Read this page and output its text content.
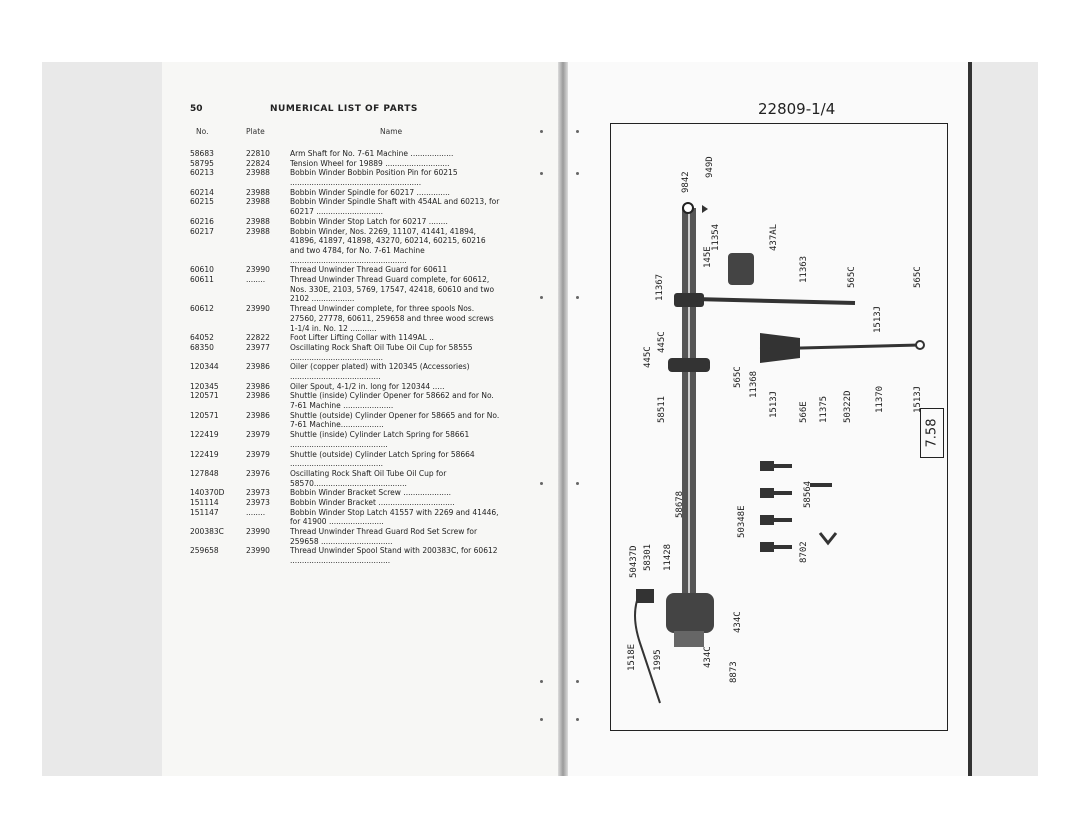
50	NUMERICAL LIST OF PARTS
No.	Plate	Name
58683	22810	Arm Shaft for No. 7-61 Machine ..................
58795	22824	Tension Wheel for 19889 ...........................
60213	23988	Bobbin Winder Bobbin Position Pin for 60215 .......................................................
60214	23988	Bobbin Winder Spindle for 60217 ..............
60215	23988	Bobbin Winder Spindle Shaft with 454AL and 60213, for 60217 ............................
60216	23988	Bobbin Winder Stop Latch for 60217 ........
60217	23988	Bobbin Winder, Nos. 2269, 11107, 41441, 41894, 41896, 41897, 41898, 43270, 60214, 60215, 60216 and two 4784, for No. 7-61 Machine .................................................
60610	23990	Thread Unwinder Thread Guard for 60611
60611	........	Thread Unwinder Thread Guard complete, for 60612, Nos. 330E, 2103, 5769, 17547, 42418, 60610 and two 2102 ..................
60612	23990	Thread Unwinder complete, for three spools Nos. 27560, 27778, 60611, 259658 and three wood screws 1-1/4 in. No. 12 ...........
64052	22822	Foot Lifter Lifting Collar with 1149AL ..
68350	23977	Oscillating Rock Shaft Oil Tube Oil Cup for 58555 .......................................
120344	23986	Oiler (copper plated) with 120345 (Accessories) ......................................
120345	23986	Oiler Spout, 4-1/2 in. long for 120344 .....
120571	23986	Shuttle (inside) Cylinder Opener for 58662 and for No. 7-61 Machine .....................
120571	23986	Shuttle (outside) Cylinder Opener for 58665 and for No. 7-61 Machine..................
122419	23979	Shuttle (inside) Cylinder Latch Spring for 58661 .........................................
122419	23979	Shuttle (outside) Cylinder Latch Spring for 58664 .......................................
127848	23976	Oscillating Rock Shaft Oil Tube Oil Cup for 58570.......................................
140370D	23973	Bobbin Winder Bracket Screw ....................
151114	23973	Bobbin Winder Bracket ................................
151147	........	Bobbin Winder Stop Latch 41557 with 2269 and 41446, for 41900 .......................
200383C	23990	Thread Unwinder Thread Guard Rod Set Screw for 259658 ..............................
259658	23990	Thread Unwinder Spool Stand with 200383C, for 60612 ..........................................
22809-1/4
9842
949D
11354	437AL
11363	565C	565C
145E
11367
445C
445C
1513J
1513J
565C 11368
1513J 566E 11375 50322D 11370
58511
58678
50348E
58564
8702
50437D 58301 11428
1518E 1995	434C
434C
8873
7.58
